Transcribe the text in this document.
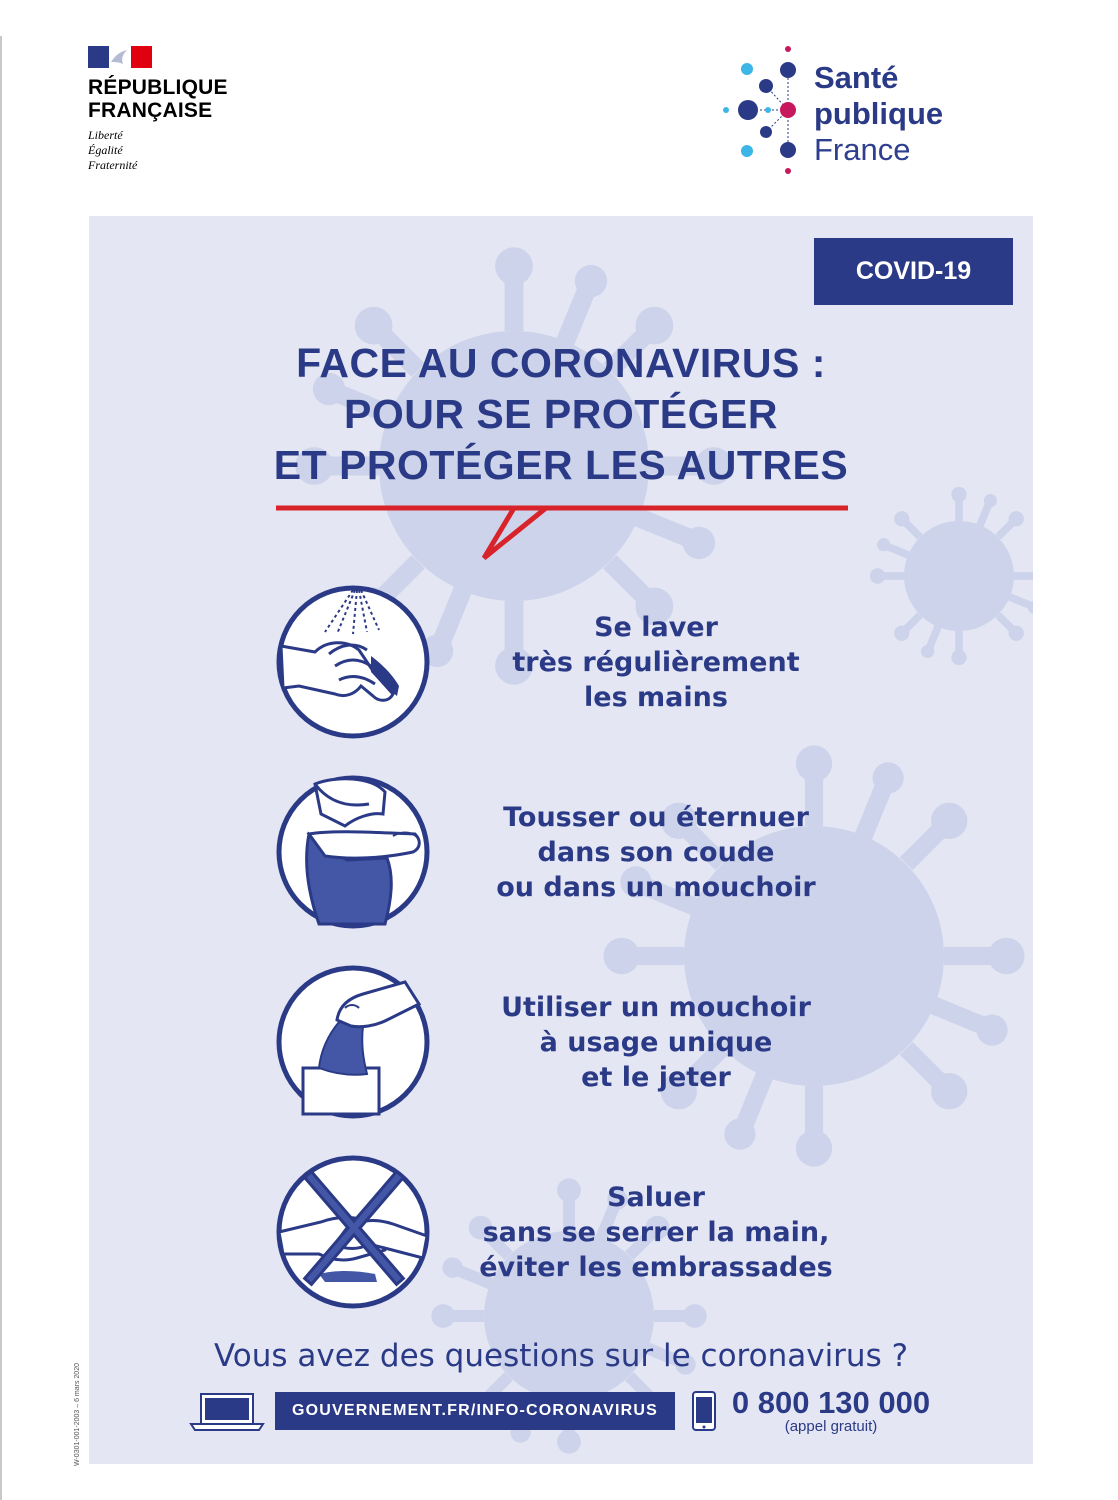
RÉPUBLIQUE
FRANÇAISE
Liberté
Égalité
Fraternité
Santé
publique
France
COVID-19
FACE AU CORONAVIRUS :
POUR SE PROTÉGER
ET PROTÉGER LES AUTRES
Se laver
très régulièrement
les mains
Tousser ou éternuer
dans son coude
ou dans un mouchoir
Utiliser un mouchoir
à usage unique
et le jeter
Saluer
sans se serrer la main,
éviter les embrassades
Vous avez des questions sur le coronavirus ?
GOUVERNEMENT.FR/INFO-CORONAVIRUS	0 800 130 000
(appel gratuit)
W-0301-001-2003 – 6 mars 2020
